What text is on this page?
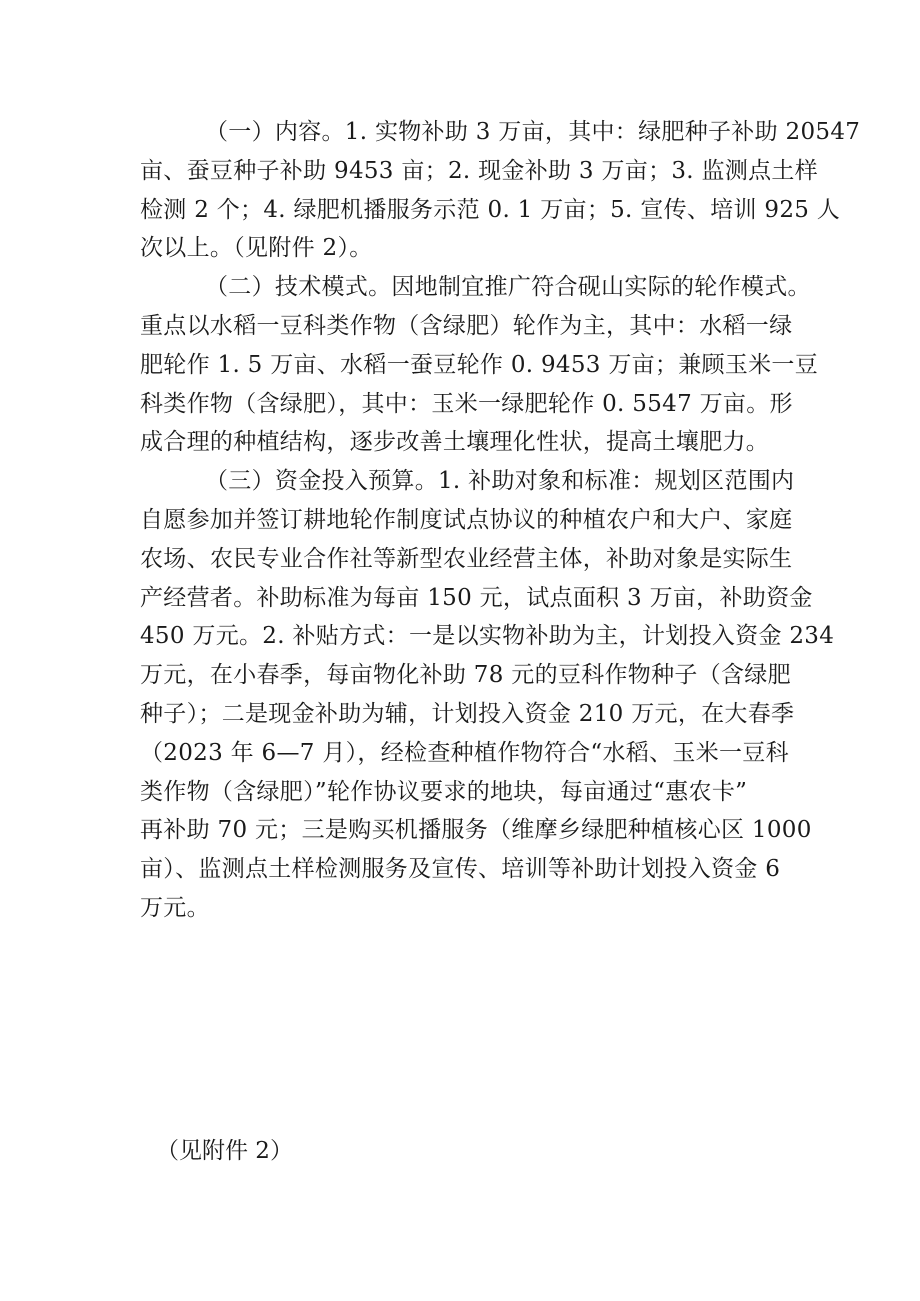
（一）内容。1. 实物补助 3 万亩，其中：绿肥种子补助 20547
亩、蚕豆种子补助 9453 亩；2. 现金补助 3 万亩；3. 监测点土样
检测 2 个；4. 绿肥机播服务示范 0. 1 万亩；5. 宣传、培训 925 人
次以上。（见附件 2）。
（二）技术模式。因地制宜推广符合砚山实际的轮作模式。
重点以水稻一豆科类作物（含绿肥）轮作为主，其中：水稻一绿
肥轮作 1. 5 万亩、水稻一蚕豆轮作 0. 9453 万亩；兼顾玉米一豆
科类作物（含绿肥），其中：玉米一绿肥轮作 0. 5547 万亩。形
成合理的种植结构，逐步改善土壤理化性状，提高土壤肥力。
（三）资金投入预算。1. 补助对象和标准：规划区范围内
自愿参加并签订耕地轮作制度试点协议的种植农户和大户、家庭
农场、农民专业合作社等新型农业经营主体，补助对象是实际生
产经营者。补助标准为每亩 150 元，试点面积 3 万亩，补助资金
450 万元。2. 补贴方式：一是以实物补助为主，计划投入资金 234
万元，在小春季，每亩物化补助 78 元的豆科作物种子（含绿肥
种子）；二是现金补助为辅，计划投入资金 210 万元，在大春季
（2023 年 6—7 月），经检查种植作物符合“水稻、玉米一豆科
类作物（含绿肥）”轮作协议要求的地块，每亩通过“惠农卡”
再补助 70 元；三是购买机播服务（维摩乡绿肥种植核心区 1000
亩）、监测点土样检测服务及宣传、培训等补助计划投入资金 6
万元。
（见附件 2）
